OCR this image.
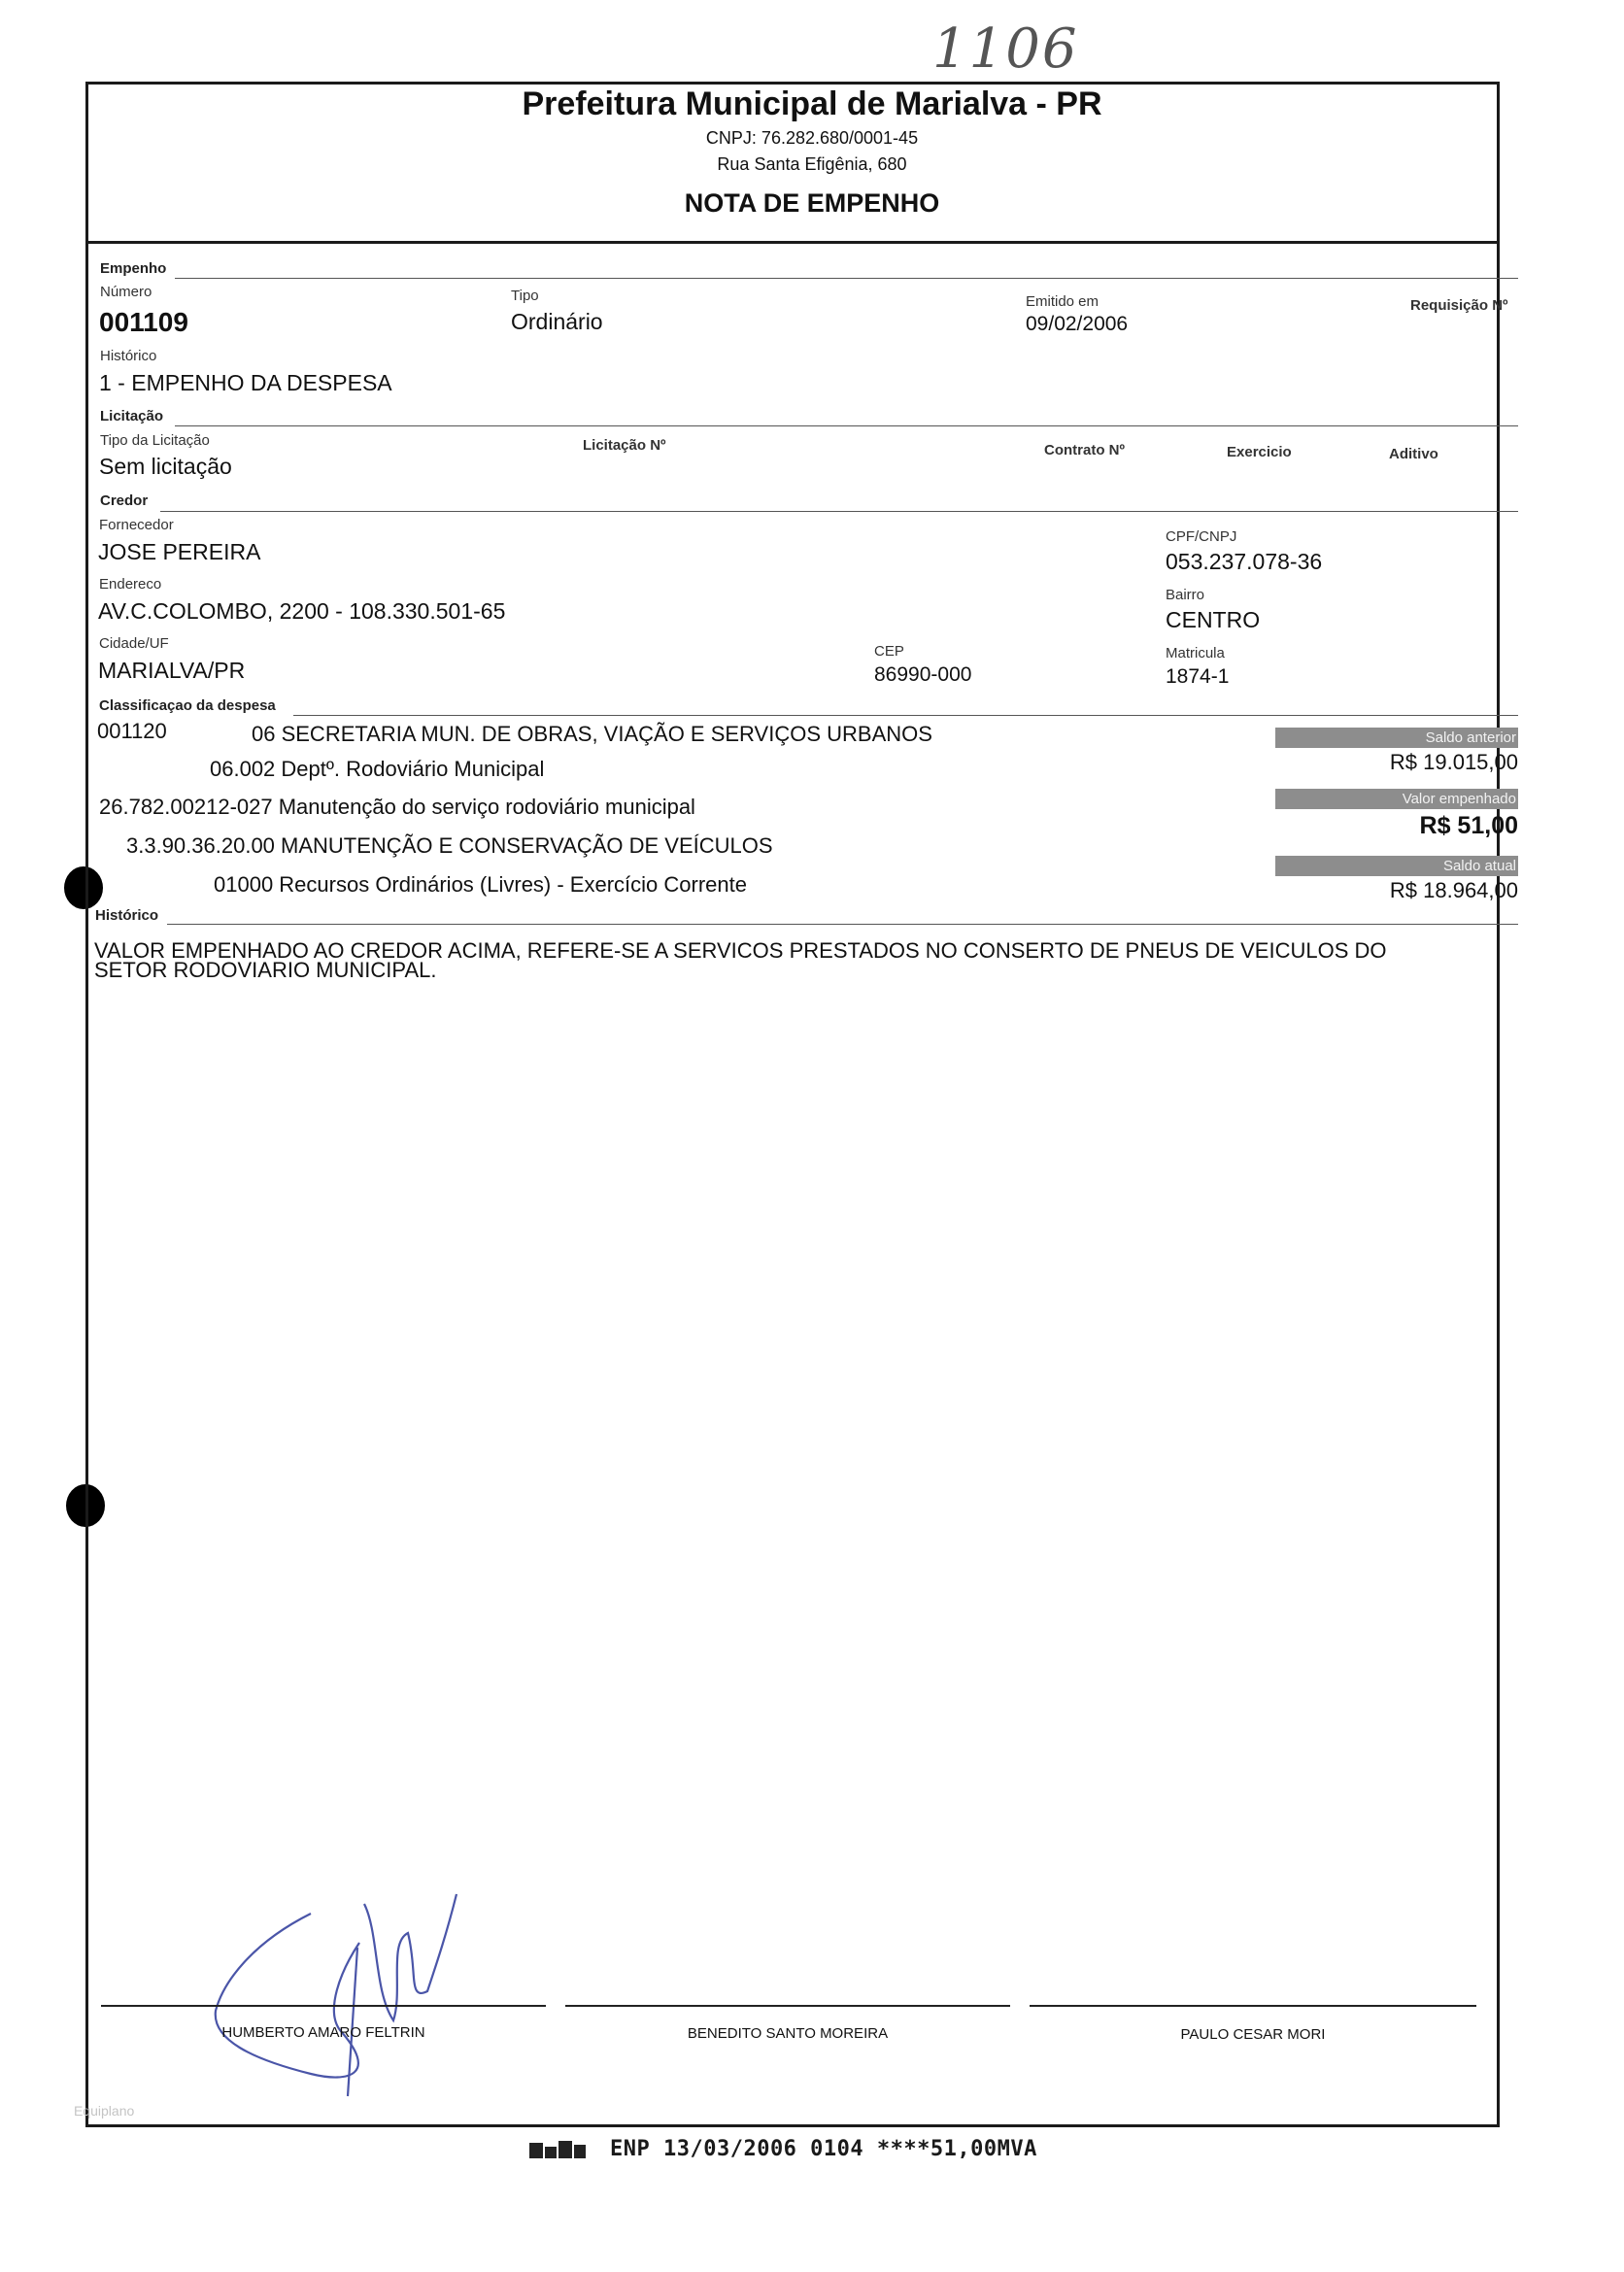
1106
Prefeitura Municipal de Marialva - PR
CNPJ: 76.282.680/0001-45
Rua Santa Efigênia, 680
NOTA DE EMPENHO
Empenho
Número
001109
Tipo
Ordinário
Emitido em
09/02/2006
Requisição Nº
Histórico
1 - EMPENHO DA DESPESA
Licitação
Tipo da Licitação
Sem licitação
Licitação Nº	Contrato Nº	Exercicio	Aditivo
Credor
Fornecedor
JOSE PEREIRA
CPF/CNPJ
053.237.078-36
Endereco
AV.C.COLOMBO, 2200 - 108.330.501-65
Bairro
CENTRO
Cidade/UF
MARIALVA/PR
CEP
86990-000
Matricula
1874-1
Classificaçao da despesa
001120	06 SECRETARIA MUN. DE OBRAS, VIAÇÃO E SERVIÇOS URBANOS
06.002 Deptº. Rodoviário Municipal
26.782.00212-027 Manutenção do serviço rodoviário municipal
3.3.90.36.20.00 MANUTENÇÃO E CONSERVAÇÃO DE VEÍCULOS
01000 Recursos Ordinários (Livres) - Exercício Corrente
Saldo anterior
R$ 19.015,00
Valor empenhado
R$ 51,00
Saldo atual
R$ 18.964,00
Histórico
VALOR EMPENHADO AO CREDOR ACIMA, REFERE-SE A SERVICOS PRESTADOS NO CONSERTO DE PNEUS DE VEICULOS DO
SETOR RODOVIARIO MUNICIPAL.
HUMBERTO AMARO FELTRIN	BENEDITO SANTO MOREIRA	PAULO CESAR MORI
Equiplano
ENP 13/03/2006 0104 ****51,00MVA
